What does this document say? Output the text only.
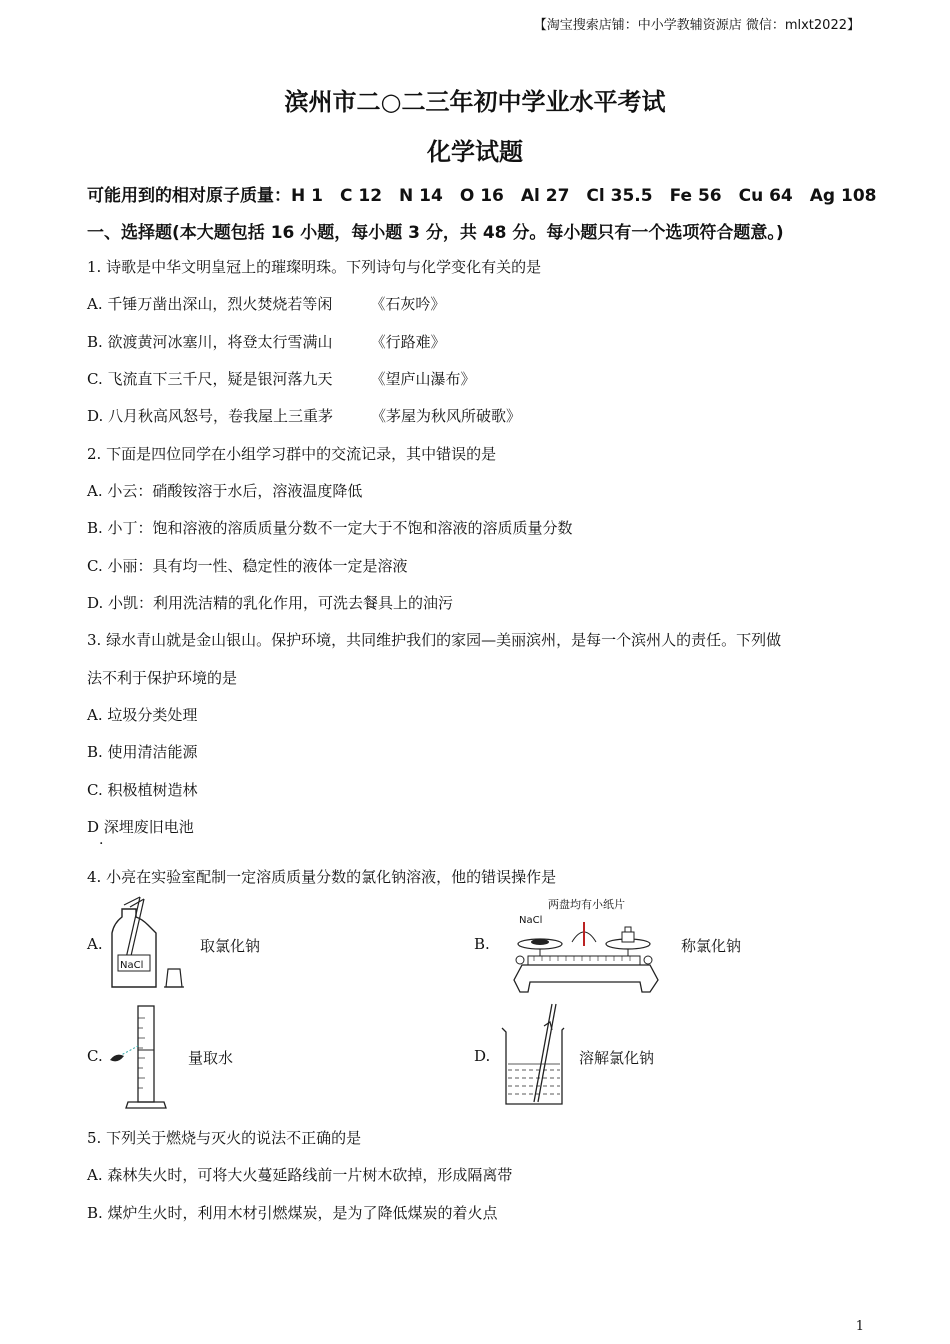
【淘宝搜索店铺：中小学教辅资源店 微信：mlxt2022】
滨州市二○二三年初中学业水平考试
化学试题
可能用到的相对原子质量：H 1　C 12　N 14　O 16　Al 27　Cl 35.5　Fe 56　Cu 64　Ag 108
一、选择题(本大题包括 16 小题，每小题 3 分，共 48 分。每小题只有一个选项符合题意。)
1. 诗歌是中华文明皇冠上的璀璨明珠。下列诗句与化学变化有关的是
A. 千锤万凿出深山，烈火焚烧若等闲	《石灰吟》
B. 欲渡黄河冰塞川，将登太行雪满山	《行路难》
C. 飞流直下三千尺，疑是银河落九天	《望庐山瀑布》
D. 八月秋高风怒号，卷我屋上三重茅	《茅屋为秋风所破歌》
2. 下面是四位同学在小组学习群中的交流记录，其中错误的是
A. 小云：硝酸铵溶于水后，溶液温度降低
B. 小丁：饱和溶液的溶质质量分数不一定大于不饱和溶液的溶质质量分数
C. 小丽：具有均一性、稳定性的液体一定是溶液
D. 小凯：利用洗洁精的乳化作用，可洗去餐具上的油污
3. 绿水青山就是金山银山。保护环境，共同维护我们的家园—美丽滨州，是每一个滨州人的责任。下列做
法不利于保护环境的是
A. 垃圾分类处理
B. 使用清洁能源
C. 积极植树造林
D 深埋废旧电池
.
4. 小亮在实验室配制一定溶质质量分数的氯化钠溶液，他的错误操作是
A.
NaCl
取氯化钠	B.
两盘均有小纸片
NaCl
称氯化钠
C.	量取水	D.	溶解氯化钠
5. 下列关于燃烧与灭火的说法不正确的是
A. 森林失火时，可将大火蔓延路线前一片树木砍掉，形成隔离带
B. 煤炉生火时，利用木材引燃煤炭，是为了降低煤炭的着火点
1
